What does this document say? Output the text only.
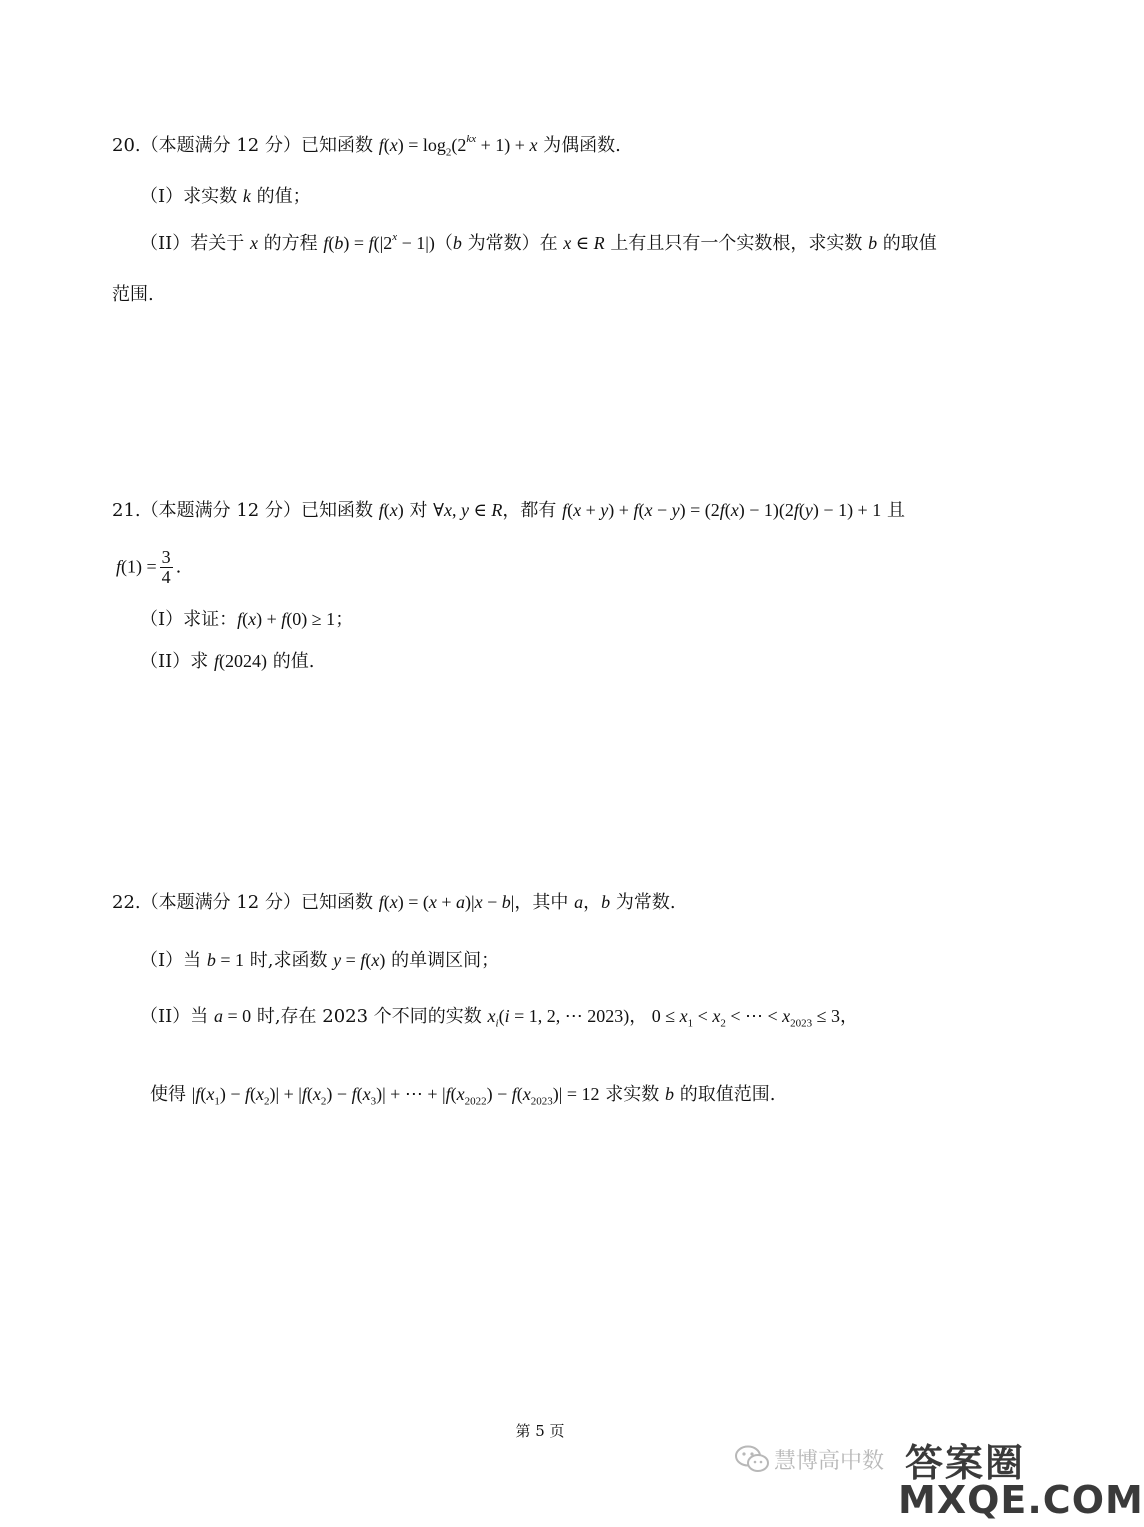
20.（本题满分 12 分）已知函数 $f(x) = \log_2(2^{kx} + 1) + x$ 为偶函数.
（I）求实数 k 的值；
（II）若关于 x 的方程 $f(b) = f(|2^x - 1|)(b$ 为常数）在 x ∈ R 上有且只有一个实数根，求实数 b 的取值
范围.
21.（本题满分 12 分）已知函数 f(x) 对 ∀x, y ∈ R，都有 f(x + y) + f(x − y) = (2f(x) − 1)(2f(y) − 1) + 1 且
$f(1) = \frac{3}{4}$ .
（I）求证：f(x) + f(0) ≥ 1；
（II）求 f(2024) 的值.
22.（本题满分 12 分）已知函数 f(x) = (x + a)|x − b|，其中 a，b 为常数.
（I）当 b = 1 时,求函数 y = f(x) 的单调区间；
（II）当 a = 0 时,存在 2023 个不同的实数 $x_i(i = 1$, 2, ⋯ 2023)， $0 \le x_1 < x_2$ < ⋯ < $x_{2023} \le 3$，
使得 $|f(x_1) - f(x_2)| + |f(x_2) - f(x_3)|$ + ⋯ + $|f(x_{2022}) - f(x_{2023})| = 12$ 求实数 b 的取值范围.
第 5 页
慧博高中数 答案圈
MXQE.COM
